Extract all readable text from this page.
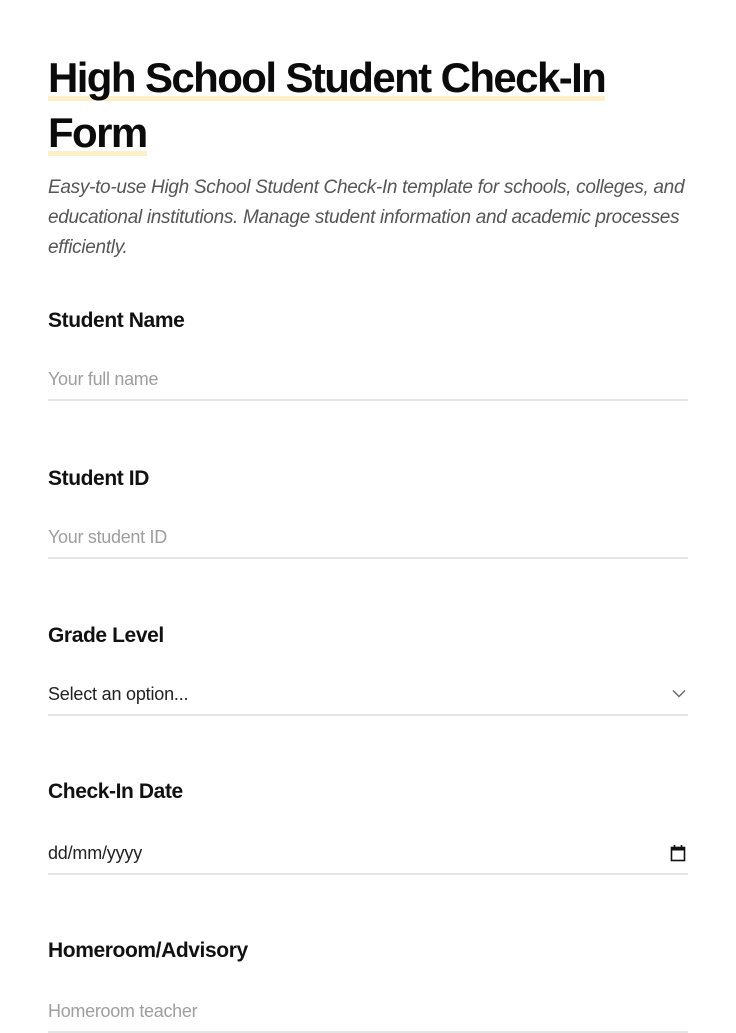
High School Student Check-In
Form

Easy-to-use High School Student Check-In template for schools, colleges, and educational institutions. Manage student information and academic processes efficiently.

Student Name
Your full name
Student ID
Your student ID
Grade Level
Select an option...
Check-In Date
dd/mm/yyyy
Homeroom/Advisory
Homeroom teacher
